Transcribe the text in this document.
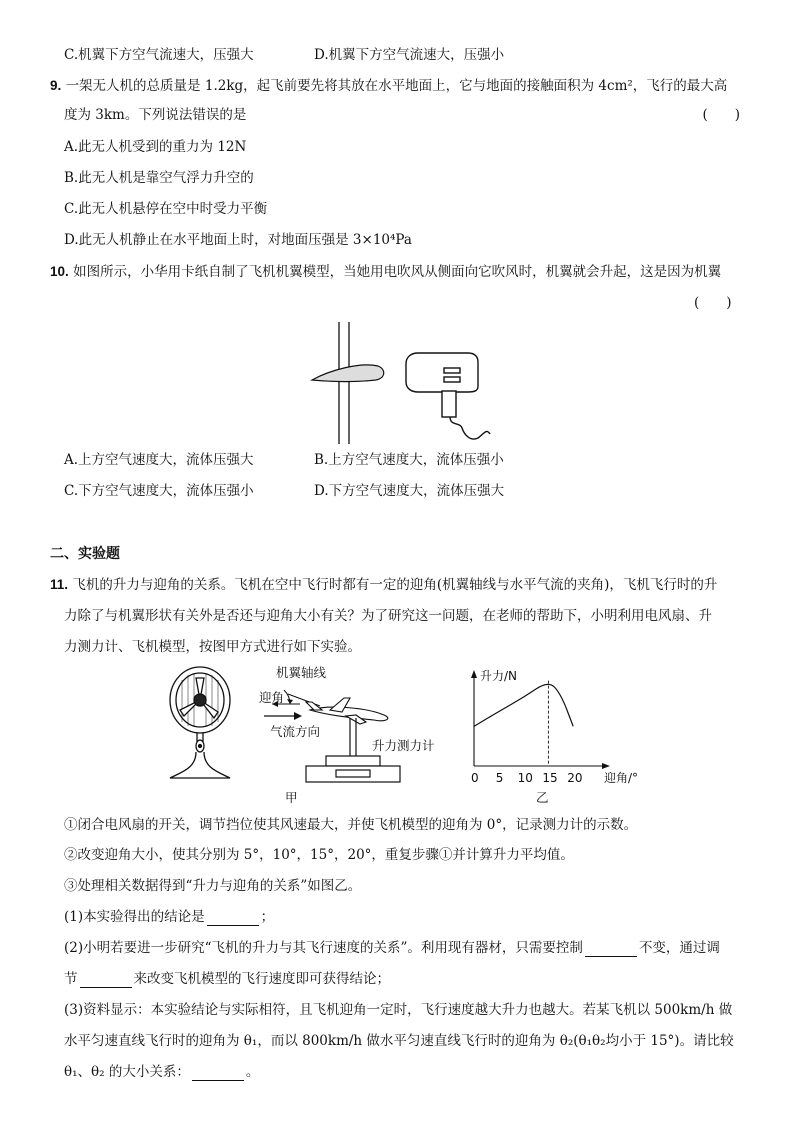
C.机翼下方空气流速大，压强大	D.机翼下方空气流速大，压强小
9. 一架无人机的总质量是 1.2kg，起飞前要先将其放在水平地面上，它与地面的接触面积为 4cm²，飞行的最大高
度为 3km。下列说法错误的是	(　　)
A.此无人机受到的重力为 12N
B.此无人机是靠空气浮力升空的
C.此无人机悬停在空中时受力平衡
D.此无人机静止在水平地面上时，对地面压强是 3×10⁴Pa
10. 如图所示，小华用卡纸自制了飞机机翼模型，当她用电吹风从侧面向它吹风时，机翼就会升起，这是因为机翼
(　　)
A.上方空气速度大，流体压强大	B.上方空气速度大，流体压强小
C.下方空气速度大，流体压强小	D.下方空气速度大，流体压强大
二、实验题
11. 飞机的升力与迎角的关系。飞机在空中飞行时都有一定的迎角(机翼轴线与水平气流的夹角)，飞机飞行时的升
力除了与机翼形状有关外是否还与迎角大小有关？为了研究这一问题，在老师的帮助下，小明利用电风扇、升
力测力计、飞机模型，按图甲方式进行如下实验。
机翼轴线
迎角
气流方向
升力测力计
甲
升力/N
迎角/°
0 5 10 15 20
乙
①闭合电风扇的开关，调节挡位使其风速最大，并使飞机模型的迎角为 0°，记录测力计的示数。
②改变迎角大小，使其分别为 5°，10°，15°，20°，重复步骤①并计算升力平均值。
③处理相关数据得到“升力与迎角的关系”如图乙。
(1)本实验得出的结论是	；
(2)小明若要进一步研究“飞机的升力与其飞行速度的关系”。利用现有器材，只需要控制	不变，通过调
节	来改变飞机模型的飞行速度即可获得结论；
(3)资料显示：本实验结论与实际相符，且飞机迎角一定时，飞行速度越大升力也越大。若某飞机以 500km/h 做
水平匀速直线飞行时的迎角为 θ₁，而以 800km/h 做水平匀速直线飞行时的迎角为 θ₂(θ₁θ₂均小于 15°)。请比较
θ₁、θ₂ 的大小关系：	。
